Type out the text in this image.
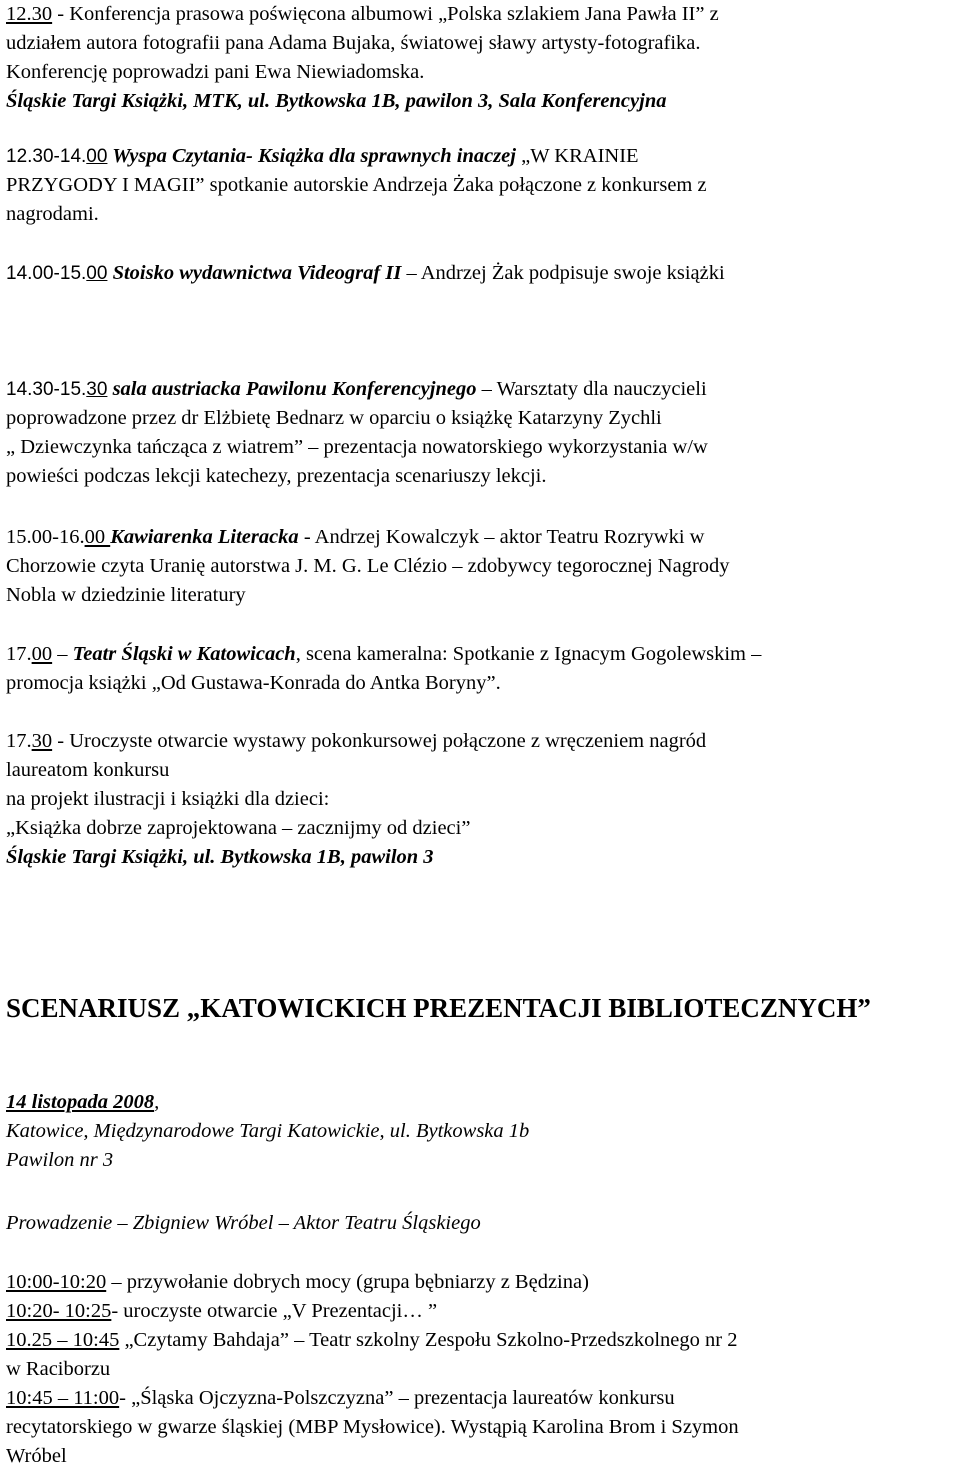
12.30 - Konferencja prasowa poświęcona albumowi „Polska szlakiem Jana Pawła II” z
udziałem autora fotografii pana Adama Bujaka, światowej sławy artysty-fotografika.
Konferencję poprowadzi pani Ewa Niewiadomska.
Śląskie Targi Książki, MTK, ul. Bytkowska 1B, pawilon 3, Sala Konferencyjna
12.30-14.00 Wyspa Czytania- Książka dla sprawnych inaczej „W KRAINIE
PRZYGODY I MAGII” spotkanie autorskie Andrzeja Żaka połączone z konkursem z
nagrodami.
14.00-15.00 Stoisko wydawnictwa Videograf II – Andrzej Żak podpisuje swoje książki
14.30-15.30 sala austriacka Pawilonu Konferencyjnego – Warsztaty dla nauczycieli
poprowadzone przez dr Elżbietę Bednarz w oparciu o książkę Katarzyny Zychli
„ Dziewczynka tańcząca z wiatrem” – prezentacja nowatorskiego wykorzystania w/w
powieści podczas lekcji katechezy, prezentacja scenariuszy lekcji.
15.00-16.00 Kawiarenka Literacka - Andrzej Kowalczyk – aktor Teatru Rozrywki w
Chorzowie czyta Uranię autorstwa J. M. G. Le Clézio – zdobywcy tegorocznej Nagrody
Nobla w dziedzinie literatury
17.00 – Teatr Śląski w Katowicach, scena kameralna: Spotkanie z Ignacym Gogolewskim –
promocja książki „Od Gustawa-Konrada do Antka Boryny”.
17.30 - Uroczyste otwarcie wystawy pokonkursowej połączone z wręczeniem nagród
laureatom konkursu
na projekt ilustracji i książki dla dzieci:
„Książka dobrze zaprojektowana – zacznijmy od dzieci”
Śląskie Targi Książki, ul. Bytkowska 1B, pawilon 3
SCENARIUSZ „KATOWICKICH PREZENTACJI BIBLIOTECZNYCH”
14 listopada 2008,
Katowice, Międzynarodowe Targi Katowickie, ul. Bytkowska 1b
Pawilon nr 3
Prowadzenie – Zbigniew Wróbel – Aktor Teatru Śląskiego
10:00-10:20 – przywołanie dobrych mocy (grupa bębniarzy z Będzina)
10:20- 10:25- uroczyste otwarcie „V Prezentacji… ”
10.25 – 10:45 „Czytamy Bahdaja” – Teatr szkolny Zespołu Szkolno-Przedszkolnego nr 2
w Raciborzu
10:45 – 11:00- „Śląska Ojczyzna-Polszczyzna” – prezentacja laureatów konkursu
recytatorskiego w gwarze śląskiej (MBP Mysłowice). Wystąpią Karolina Brom i Szymon
Wróbel
